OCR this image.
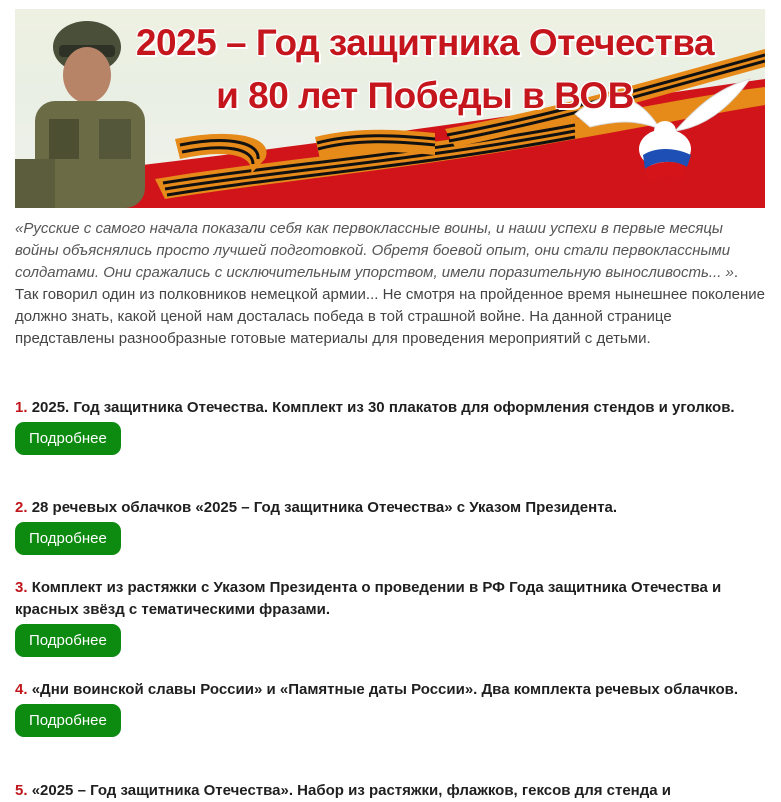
2025 – Год защитника Отечества
и 80 лет Победы в ВОВ

«Русские с самого начала показали себя как первоклассные воины, и наши успехи в первые месяцы войны объяснялись просто лучшей подготовкой. Обретя боевой опыт, они стали первоклассными солдатами. Они сражались с исключительным упорством, имели поразительную выносливость... ». Так говорил один из полковников немецкой армии... Не смотря на пройденное время нынешнее поколение должно знать, какой ценой нам досталась победа в той страшной войне. На данной странице представлены разнообразные готовые материалы для проведения мероприятий с детьми.

1. 2025. Год защитника Отечества. Комплект из 30 плакатов для оформления стендов и уголков.

Подробнее

2. 28 речевых облачков «2025 – Год защитника Отечества» с Указом Президента.

Подробнее

3. Комплект из растяжки с Указом Президента о проведении в РФ Года защитника Отечества и красных звёзд с тематическими фразами.

Подробнее

4. «Дни воинской славы России» и «Памятные даты России». Два комплекта речевых облачков.

Подробнее

5. «2025 – Год защитника Отечества». Набор из растяжки, флажков, гексов для стенда и
